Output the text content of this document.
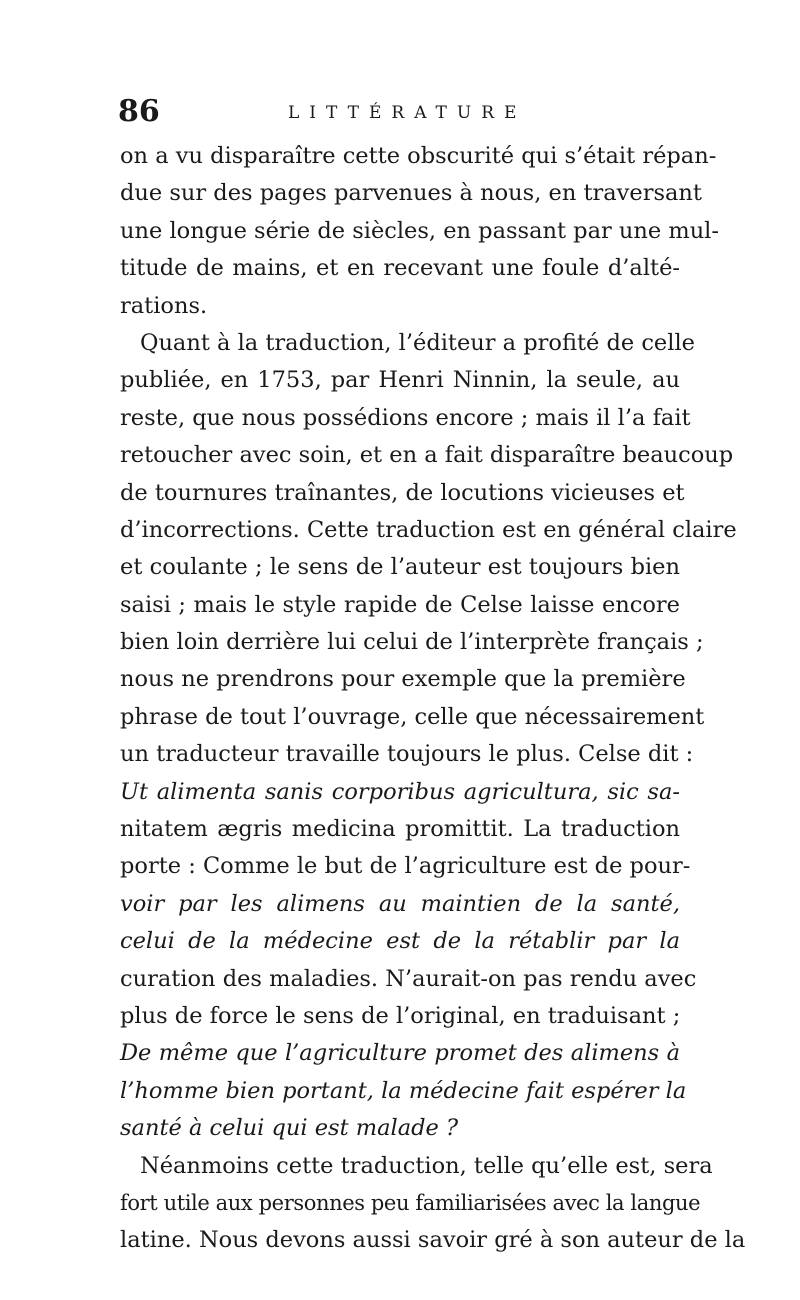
86	LITTÉRATURE
on a vu disparaître cette obscurité qui s’était répan-
due sur des pages parvenues à nous, en traversant
une longue série de siècles, en passant par une mul-
titude de mains, et en recevant une foule d’alté-
rations.
Quant à la traduction, l’éditeur a profité de celle
publiée, en 1753, par Henri Ninnin, la seule, au
reste, que nous possédions encore ; mais il l’a fait
retoucher avec soin, et en a fait disparaître beaucoup
de tournures traînantes, de locutions vicieuses et
d’incorrections. Cette traduction est en général claire
et coulante ; le sens de l’auteur est toujours bien
saisi ; mais le style rapide de Celse laisse encore
bien loin derrière lui celui de l’interprète français ;
nous ne prendrons pour exemple que la première
phrase de tout l’ouvrage, celle que nécessairement
un traducteur travaille toujours le plus. Celse dit :
Ut alimenta sanis corporibus agricultura, sic sa-
nitatem ægris medicina promittit. La traduction
porte : Comme le but de l’agriculture est de pour-
voir par les alimens au maintien de la santé,
celui de la médecine est de la rétablir par la
curation des maladies. N’aurait-on pas rendu avec
plus de force le sens de l’original, en traduisant ;
De même que l’agriculture promet des alimens à
l’homme bien portant, la médecine fait espérer la
santé à celui qui est malade ?
Néanmoins cette traduction, telle qu’elle est, sera
fort utile aux personnes peu familiarisées avec la langue
latine. Nous devons aussi savoir gré à son auteur de la
